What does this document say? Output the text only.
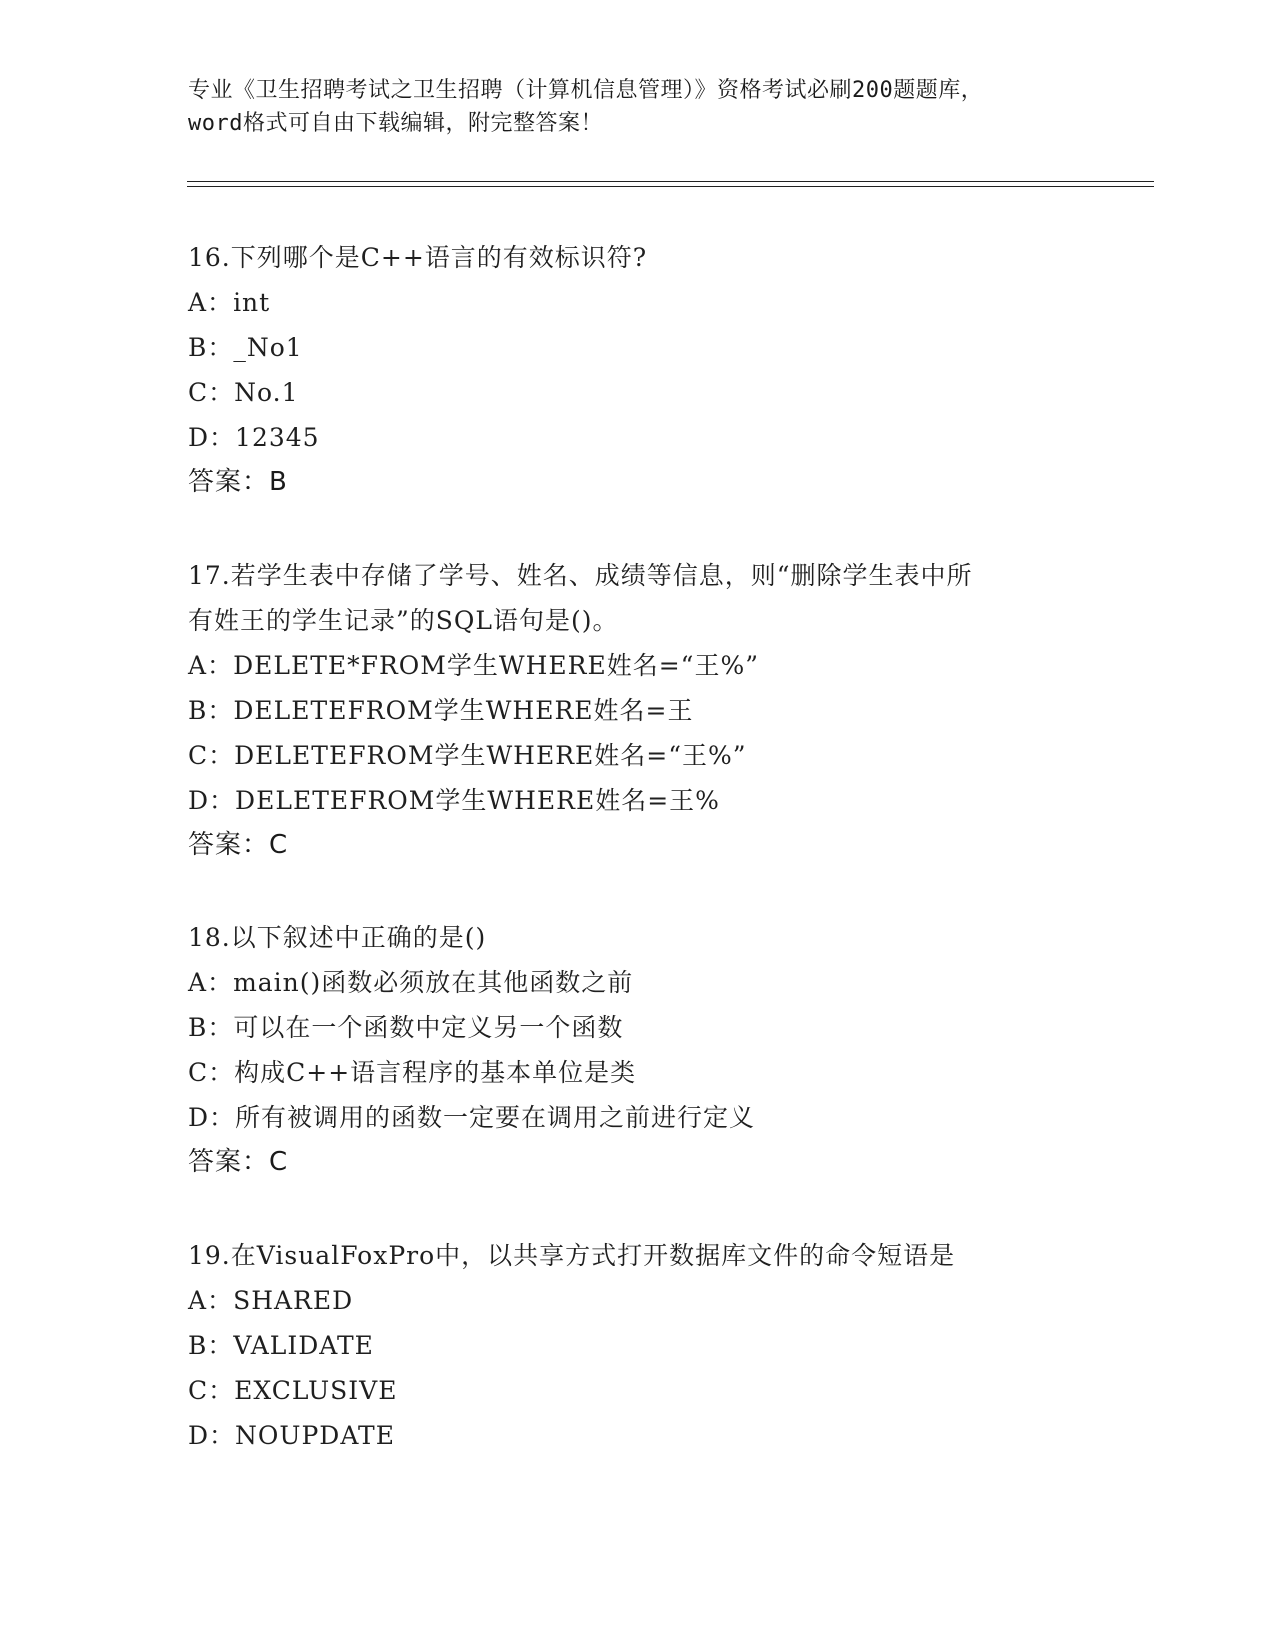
专业《卫生招聘考试之卫生招聘（计算机信息管理）》资格考试必刷200题题库，
word格式可自由下载编辑，附完整答案！
16.下列哪个是C++语言的有效标识符?
A：int
B：_No1
C：No.1
D：12345
答案：B
17.若学生表中存储了学号、姓名、成绩等信息，则“删除学生表中所
有姓王的学生记录”的SQL语句是()。
A：DELETE*FROM学生WHERE姓名=“王%”
B：DELETEFROM学生WHERE姓名=王
C：DELETEFROM学生WHERE姓名=“王%”
D：DELETEFROM学生WHERE姓名=王%
答案：C
18.以下叙述中正确的是()
A：main()函数必须放在其他函数之前
B：可以在一个函数中定义另一个函数
C：构成C++语言程序的基本单位是类
D：所有被调用的函数一定要在调用之前进行定义
答案：C
19.在VisualFoxPro中，以共享方式打开数据库文件的命令短语是
A：SHARED
B：VALIDATE
C：EXCLUSIVE
D：NOUPDATE
